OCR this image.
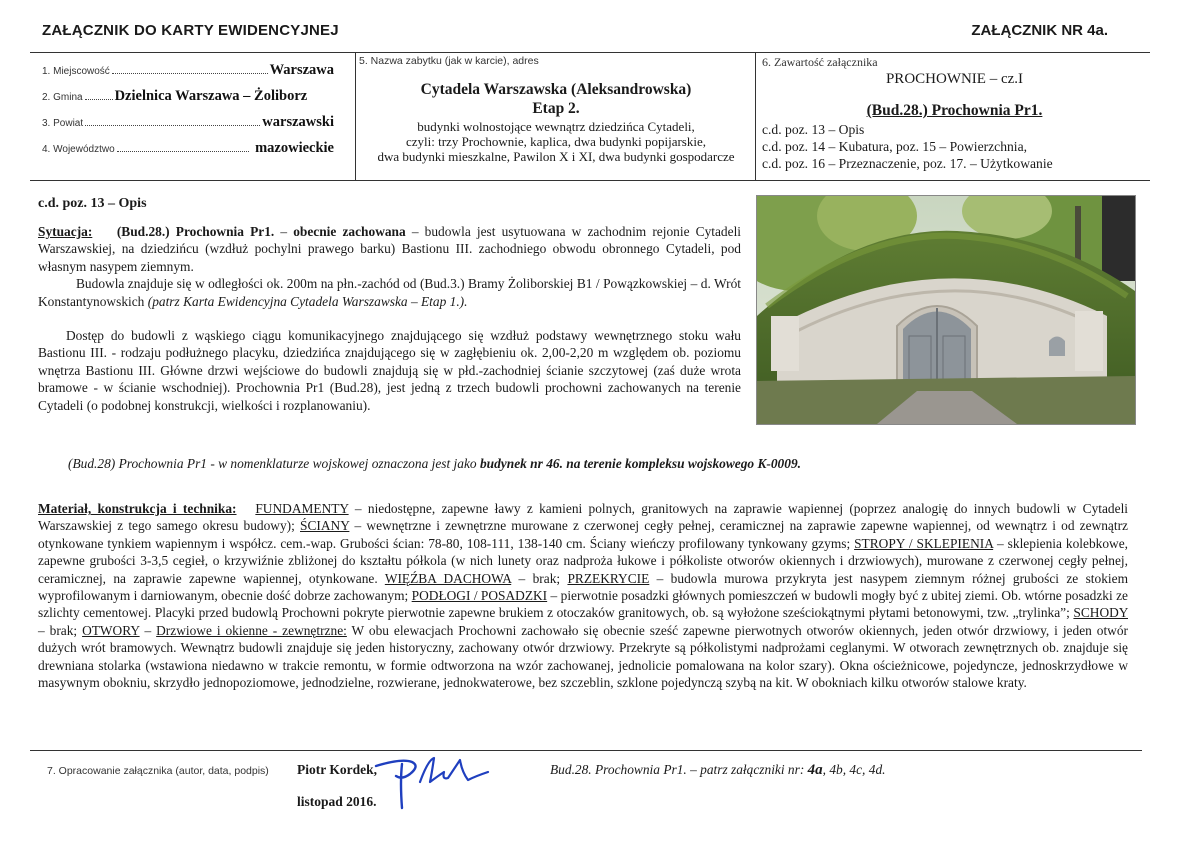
ZAŁĄCZNIK DO KARTY EWIDENCYJNEJ	ZAŁĄCZNIK NR 4a.
1. Miejscowość	Warszawa
2. Gmina Dzielnica Warszawa – Żoliborz
3. Powiat	warszawski
4. Województwo	mazowieckie
5. Nazwa zabytku (jak w karcie), adres
Cytadela Warszawska (Aleksandrowska)
Etap 2.
budynki wolnostojące wewnątrz dziedzińca Cytadeli,
czyli: trzy Prochownie, kaplica, dwa budynki popijarskie,
dwa budynki mieszkalne, Pawilon X i XI, dwa budynki gospodarcze
6. Zawartość załącznika
PROCHOWNIE – cz.I
(Bud.28.) Prochownia Pr1.
c.d. poz. 13 – Opis
c.d. poz. 14 – Kubatura, poz. 15 – Powierzchnia,
c.d. poz. 16 – Przeznaczenie, poz. 17. – Użytkowanie
c.d. poz. 13 – Opis
Sytuacja: (Bud.28.) Prochownia Pr1. – obecnie zachowana – budowla jest usytuowana w zachodnim rejonie Cytadeli Warszawskiej, na dziedzińcu (wzdłuż pochylni prawego barku) Bastionu III. zachodniego obwodu obronnego Cytadeli, pod własnym nasypem ziemnym.
Budowla znajduje się w odległości ok. 200m na płn.-zachód od (Bud.3.) Bramy Żoliborskiej B1 / Powązkowskiej – d. Wrót Konstantynowskich (patrz Karta Ewidencyjna Cytadela Warszawska – Etap 1.).
Dostęp do budowli z wąskiego ciągu komunikacyjnego znajdującego się wzdłuż podstawy wewnętrznego stoku wału Bastionu III. - rodzaju podłużnego placyku, dziedzińca znajdującego się w zagłębieniu ok. 2,00-2,20 m względem ob. poziomu wnętrza Bastionu III. Główne drzwi wejściowe do budowli znajdują się w płd.-zachodniej ścianie szczytowej (zaś duże wrota bramowe - w ścianie wschodniej). Prochownia Pr1 (Bud.28), jest jedną z trzech budowli prochowni zachowanych na terenie Cytadeli (o podobnej konstrukcji, wielkości i rozplanowaniu).
(Bud.28) Prochownia Pr1 - w nomenklaturze wojskowej oznaczona jest jako budynek nr 46. na terenie kompleksu wojskowego K-0009.
Materiał, konstrukcja i technika: FUNDAMENTY – niedostępne, zapewne ławy z kamieni polnych, granitowych na zaprawie wapiennej (poprzez analogię do innych budowli w Cytadeli Warszawskiej z tego samego okresu budowy); ŚCIANY – wewnętrzne i zewnętrzne murowane z czerwonej cegły pełnej, ceramicznej na zaprawie zapewne wapiennej, od wewnątrz i od zewnątrz otynkowane tynkiem wapiennym i współcz. cem.-wap. Grubości ścian: 78-80, 108-111, 138-140 cm. Ściany wieńczy profilowany tynkowany gzyms; STROPY / SKLEPIENIA – sklepienia kolebkowe, zapewne grubości 3-3,5 cegieł, o krzywiźnie zbliżonej do kształtu półkola (w nich lunety oraz nadproża łukowe i półkoliste otworów okiennych i drzwiowych), murowane z czerwonej cegły pełnej, ceramicznej, na zaprawie zapewne wapiennej, otynkowane. WIĘŹBA DACHOWA – brak; PRZEKRYCIE – budowla murowa przykryta jest nasypem ziemnym różnej grubości ze stokiem wyprofilowanym i darniowanym, obecnie dość dobrze zachowanym; PODŁOGI / POSADZKI – pierwotnie posadzki głównych pomieszczeń w budowli mogły być z ubitej ziemi. Ob. wtórne posadzki ze szlichty cementowej. Placyki przed budowlą Prochowni pokryte pierwotnie zapewne brukiem z otoczaków granitowych, ob. są wyłożone sześciokątnymi płytami betonowymi, tzw. „trylinka”; SCHODY – brak; OTWORY – Drzwiowe i okienne - zewnętrzne: W obu elewacjach Prochowni zachowało się obecnie sześć zapewne pierwotnych otworów okiennych, jeden otwór drzwiowy, i jeden otwór dużych wrót bramowych. Wewnątrz budowli znajduje się jeden historyczny, zachowany otwór drzwiowy. Przekryte są półkolistymi nadprożami ceglanymi. W otworach zewnętrznych ob. znajduje się drewniana stolarka (wstawiona niedawno w trakcie remontu, w formie odtworzona na wzór zachowanej, jednolicie pomalowana na kolor szary). Okna ościeżnicowe, pojedyncze, jednoskrzydłowe w masywnym obokniu, skrzydło jednopoziomowe, jednodzielne, rozwierane, jednokwaterowe, bez szczeblin, szklone pojedynczą szybą na kit. W obokniach kilku otworów stalowe kraty.
7. Opracowanie załącznika (autor, data, podpis) Piotr Kordek,
listopad 2016.
Bud.28. Prochownia Pr1. – patrz załączniki nr: 4a, 4b, 4c, 4d.
